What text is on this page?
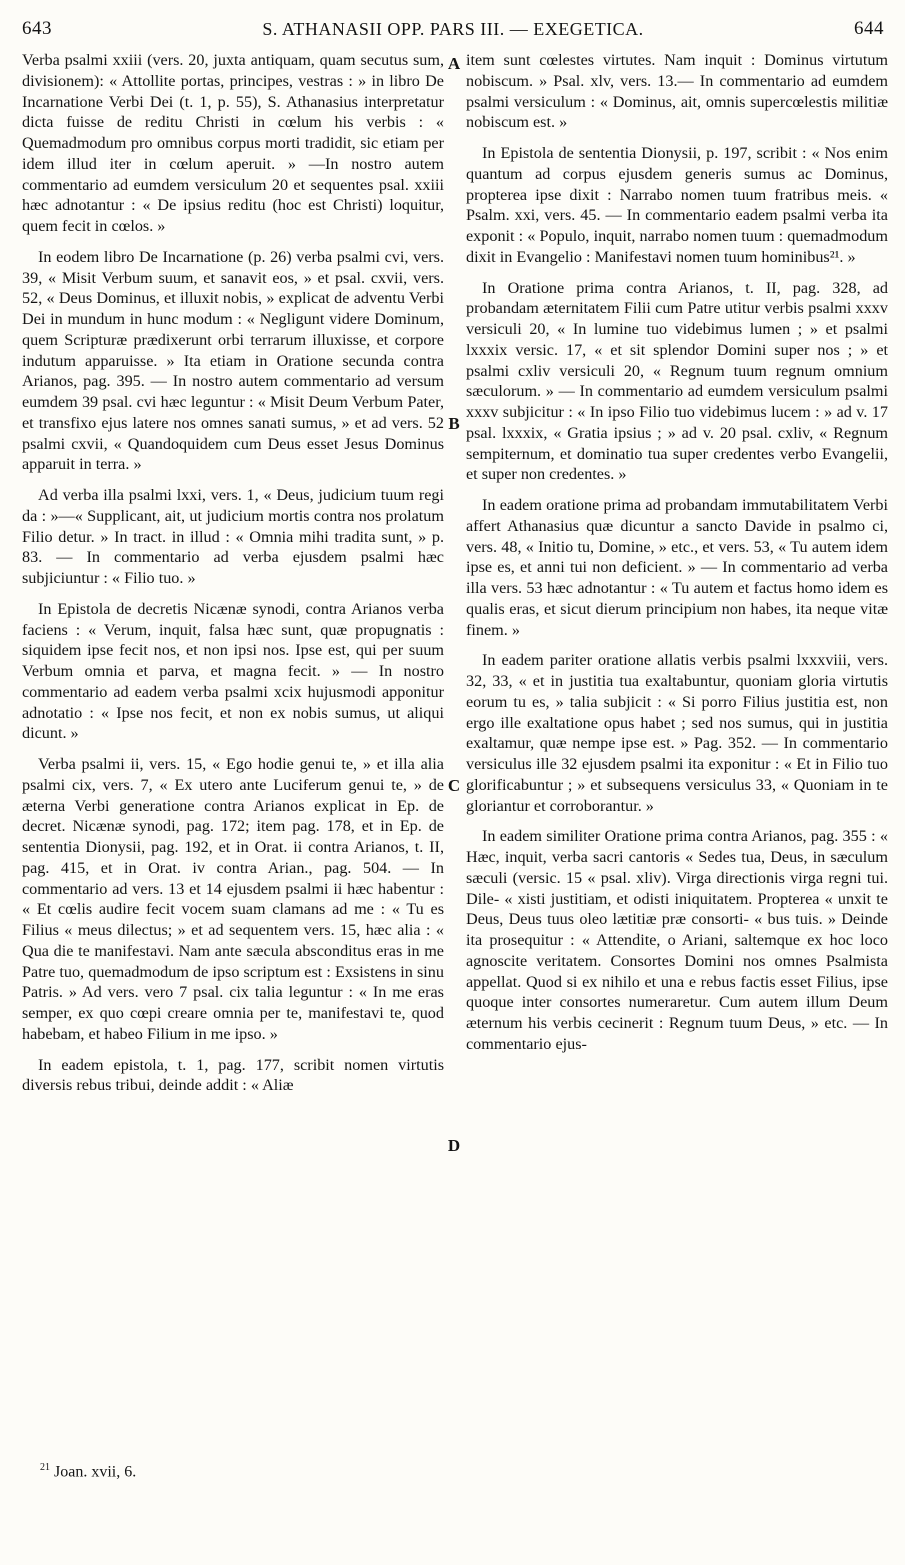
643	S. ATHANASII OPP. PARS III. — EXEGETICA.	644

Verba psalmi xxiii (vers. 20, juxta antiquam, quam secutus sum, divisionem): « Attollite portas, principes, vestras : » in libro De Incarnatione Verbi Dei (t. 1, p. 55), S. Athanasius interpretatur dicta fuisse de reditu Christi in cœlum his verbis : « Quemadmodum pro omnibus corpus morti tradidit, sic etiam per idem illud iter in cœlum aperuit. » —In nostro autem commentario ad eumdem versiculum 20 et sequentes psal. xxiii hæc adnotantur : « De ipsius reditu (hoc est Christi) loquitur, quem fecit in cœlos. »

In eodem libro De Incarnatione (p. 26) verba psalmi cvi, vers. 39, « Misit Verbum suum, et sanavit eos, » et psal. cxvii, vers. 52, « Deus Dominus, et illuxit nobis, » explicat de adventu Verbi Dei in mundum in hunc modum : « Negligunt videre Dominum, quem Scripturæ prædixerunt orbi terrarum illuxisse, et corpore indutum apparuisse. » Ita etiam in Oratione secunda contra Arianos, pag. 395. — In nostro autem commentario ad versum eumdem 39 psal. cvi hæc leguntur : « Misit Deum Verbum Pater, et transfixo ejus latere nos omnes sanati sumus, » et ad vers. 52 psalmi cxvii, « Quandoquidem cum Deus esset Jesus Dominus apparuit in terra. »

Ad verba illa psalmi lxxi, vers. 1, « Deus, judicium tuum regi da : »—« Supplicant, ait, ut judicium mortis contra nos prolatum Filio detur. » In tract. in illud : « Omnia mihi tradita sunt, » p. 83. — In commentario ad verba ejusdem psalmi hæc subjiciuntur : « Filio tuo. »

In Epistola de decretis Nicænæ synodi, contra Arianos verba faciens : « Verum, inquit, falsa hæc sunt, quæ propugnatis : siquidem ipse fecit nos, et non ipsi nos. Ipse est, qui per suum Verbum omnia et parva, et magna fecit. » — In nostro commentario ad eadem verba psalmi xcix hujusmodi apponitur adnotatio : « Ipse nos fecit, et non ex nobis sumus, ut aliqui dicunt. »

Verba psalmi ii, vers. 15, « Ego hodie genui te, » et illa alia psalmi cix, vers. 7, « Ex utero ante Luciferum genui te, » de æterna Verbi generatione contra Arianos explicat in Ep. de decret. Nicænæ synodi, pag. 172; item pag. 178, et in Ep. de sententia Dionysii, pag. 192, et in Orat. ii contra Arianos, t. II, pag. 415, et in Orat. iv contra Arian., pag. 504. — In commentario ad vers. 13 et 14 ejusdem psalmi ii hæc habentur : « Et cœlis audire fecit vocem suam clamans ad me : « Tu es Filius « meus dilectus; » et ad sequentem vers. 15, hæc alia : « Qua die te manifestavi. Nam ante sæcula absconditus eras in me Patre tuo, quemadmodum de ipso scriptum est : Exsistens in sinu Patris. » Ad vers. vero 7 psal. cix talia leguntur : « In me eras semper, ex quo cœpi creare omnia per te, manifestavi te, quod habebam, et habeo Filium in me ipso. »

In eadem epistola, t. 1, pag. 177, scribit nomen virtutis diversis rebus tribui, deinde addit : « Aliæ

A
B
C
D

item sunt cœlestes virtutes. Nam inquit : Dominus virtutum nobiscum. » Psal. xlv, vers. 13.— In commentario ad eumdem psalmi versiculum : « Dominus, ait, omnis supercœlestis militiæ nobiscum est. »

In Epistola de sententia Dionysii, p. 197, scribit : « Nos enim quantum ad corpus ejusdem generis sumus ac Dominus, propterea ipse dixit : Narrabo nomen tuum fratribus meis. « Psalm. xxi, vers. 45. — In commentario eadem psalmi verba ita exponit : « Populo, inquit, narrabo nomen tuum : quemadmodum dixit in Evangelio : Manifestavi nomen tuum hominibus²¹. »

In Oratione prima contra Arianos, t. II, pag. 328, ad probandam æternitatem Filii cum Patre utitur verbis psalmi xxxv versiculi 20, « In lumine tuo videbimus lumen ; » et psalmi lxxxix versic. 17, « et sit splendor Domini super nos ; » et psalmi cxliv versiculi 20, « Regnum tuum regnum omnium sæculorum. » — In commentario ad eumdem versiculum psalmi xxxv subjicitur : « In ipso Filio tuo videbimus lucem : » ad v. 17 psal. lxxxix, « Gratia ipsius ; » ad v. 20 psal. cxliv, « Regnum sempiternum, et dominatio tua super credentes verbo Evangelii, et super non credentes. »

In eadem oratione prima ad probandam immutabilitatem Verbi affert Athanasius quæ dicuntur a sancto Davide in psalmo ci, vers. 48, « Initio tu, Domine, » etc., et vers. 53, « Tu autem idem ipse es, et anni tui non deficient. » — In commentario ad verba illa vers. 53 hæc adnotantur : « Tu autem et factus homo idem es qualis eras, et sicut dierum principium non habes, ita neque vitæ finem. »

In eadem pariter oratione allatis verbis psalmi lxxxviii, vers. 32, 33, « et in justitia tua exaltabuntur, quoniam gloria virtutis eorum tu es, » talia subjicit : « Si porro Filius justitia est, non ergo ille exaltatione opus habet ; sed nos sumus, qui in justitia exaltamur, quæ nempe ipse est. » Pag. 352. — In commentario versiculus ille 32 ejusdem psalmi ita exponitur : « Et in Filio tuo glorificabuntur ; » et subsequens versiculus 33, « Quoniam in te gloriantur et corroborantur. »

In eadem similiter Oratione prima contra Arianos, pag. 355 : « Hæc, inquit, verba sacri cantoris « Sedes tua, Deus, in sæculum sæculi (versic. 15 « psal. xliv). Virga directionis virga regni tui. Dile- « xisti justitiam, et odisti iniquitatem. Propterea « unxit te Deus, Deus tuus oleo lætitiæ præ consorti- « bus tuis. » Deinde ita prosequitur : « Attendite, o Ariani, saltemque ex hoc loco agnoscite veritatem. Consortes Domini nos omnes Psalmista appellat. Quod si ex nihilo et una e rebus factis esset Filius, ipse quoque inter consortes numeraretur. Cum autem illum Deum æternum his verbis cecinerit : Regnum tuum Deus, » etc. — In commentario ejus-

$^{21}$ Joan. xvii, 6.
